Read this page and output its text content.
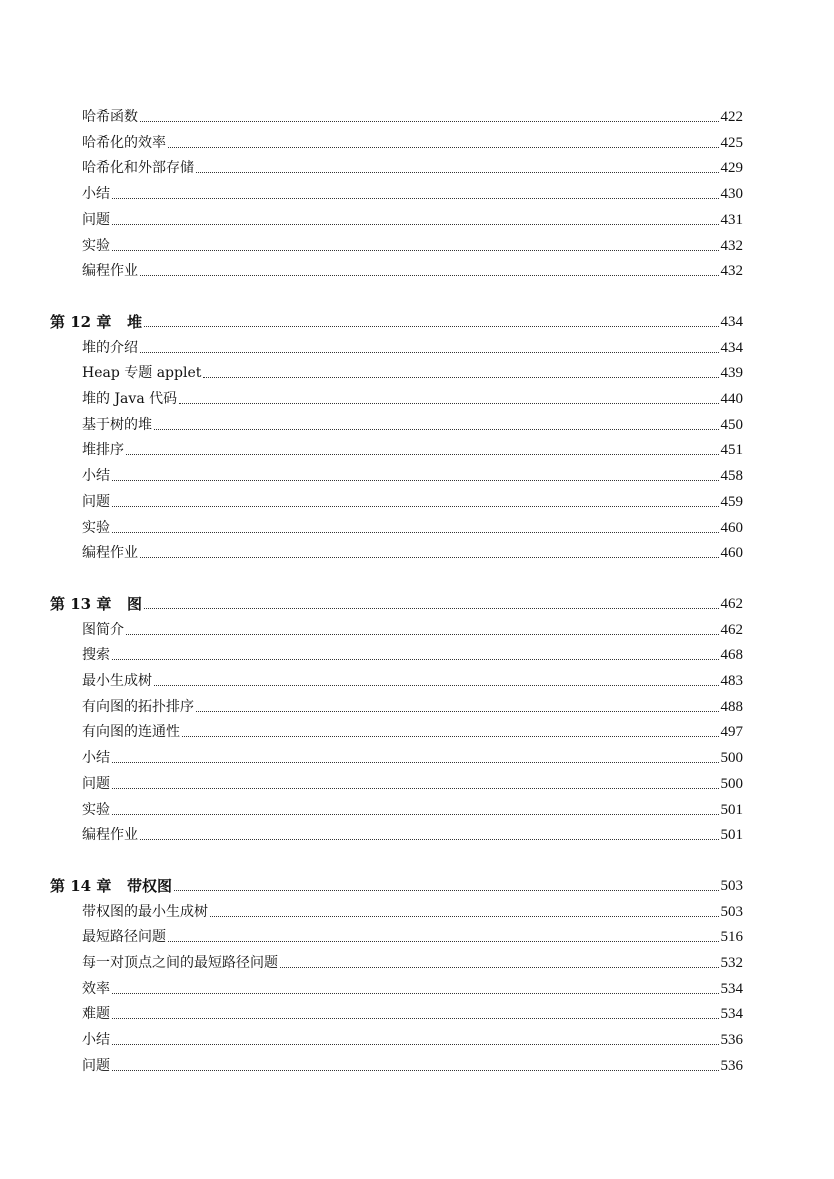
哈希函数	422
哈希化的效率	425
哈希化和外部存储	429
小结	430
问题	431
实验	432
编程作业	432
第 12 章   堆	434
堆的介绍	434
Heap 专题 applet	439
堆的 Java 代码	440
基于树的堆	450
堆排序	451
小结	458
问题	459
实验	460
编程作业	460
第 13 章   图	462
图简介	462
搜索	468
最小生成树	483
有向图的拓扑排序	488
有向图的连通性	497
小结	500
问题	500
实验	501
编程作业	501
第 14 章   带权图	503
带权图的最小生成树	503
最短路径问题	516
每一对顶点之间的最短路径问题	532
效率	534
难题	534
小结	536
问题	536
